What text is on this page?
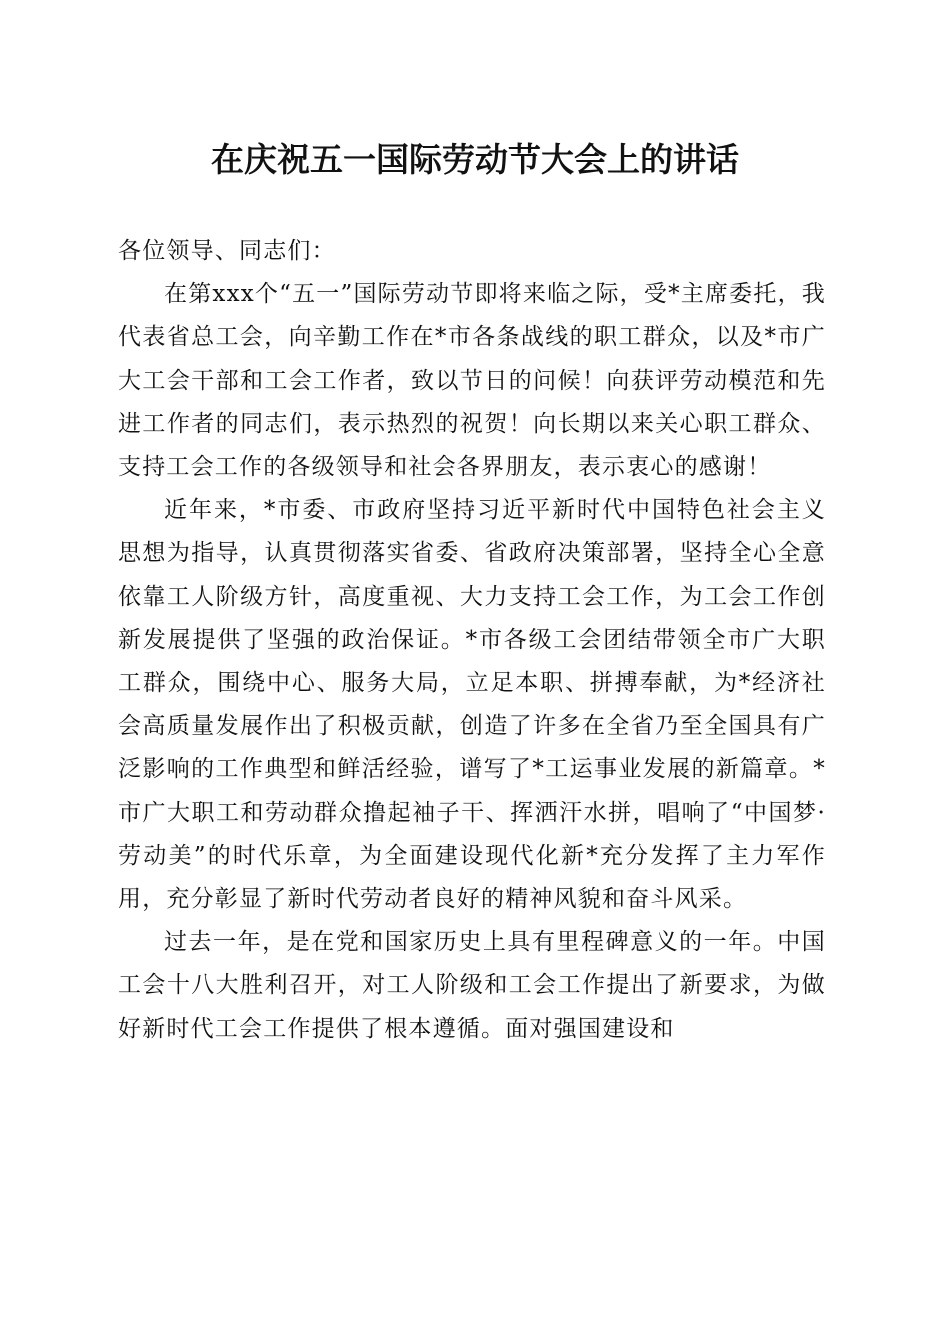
在庆祝五一国际劳动节大会上的讲话

各位领导、同志们：

在第xxx个“五一”国际劳动节即将来临之际，受*主席委托，我代表省总工会，向辛勤工作在*市各条战线的职工群众，以及*市广大工会干部和工会工作者，致以节日的问候！向获评劳动模范和先进工作者的同志们，表示热烈的祝贺！向长期以来关心职工群众、支持工会工作的各级领导和社会各界朋友，表示衷心的感谢！

近年来，*市委、市政府坚持习近平新时代中国特色社会主义思想为指导，认真贯彻落实省委、省政府决策部署，坚持全心全意依靠工人阶级方针，高度重视、大力支持工会工作，为工会工作创新发展提供了坚强的政治保证。*市各级工会团结带领全市广大职工群众，围绕中心、服务大局，立足本职、拼搏奉献，为*经济社会高质量发展作出了积极贡献，创造了许多在全省乃至全国具有广泛影响的工作典型和鲜活经验，谱写了*工运事业发展的新篇章。*市广大职工和劳动群众撸起袖子干、挥洒汗水拼，唱响了“中国梦·劳动美”的时代乐章，为全面建设现代化新*充分发挥了主力军作用，充分彰显了新时代劳动者良好的精神风貌和奋斗风采。

过去一年，是在党和国家历史上具有里程碑意义的一年。中国工会十八大胜利召开，对工人阶级和工会工作提出了新要求，为做好新时代工会工作提供了根本遵循。面对强国建设和
